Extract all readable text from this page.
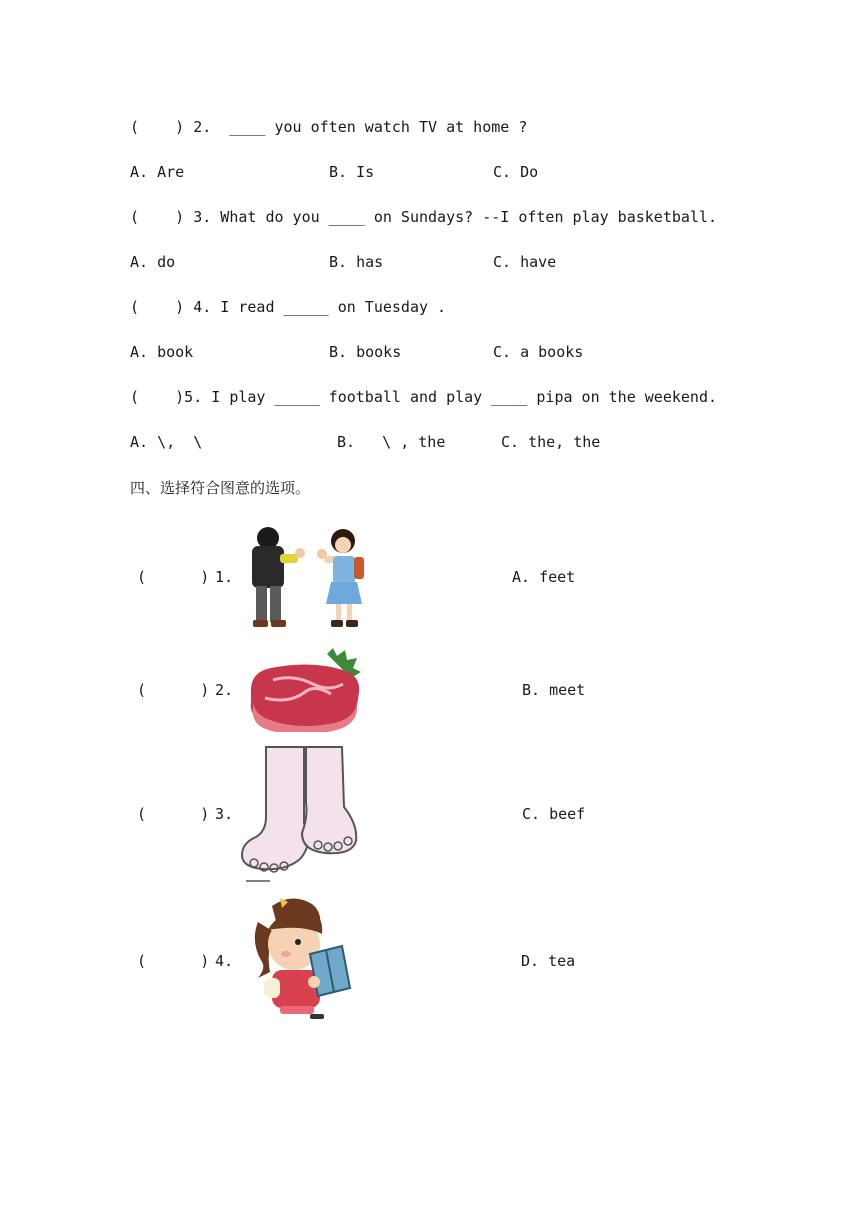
(    ) 2.  ____ you often watch TV at home ?
A. Are	B. Is	C. Do
(    ) 3. What do you ____ on Sundays? --I often play basketball.
A. do	B. has	C. have
(    ) 4. I read _____ on Tuesday .
A. book	B. books	C. a books
(    )5. I play _____ football and play ____ pipa on the weekend.
A. \,  \	B.   \ , the	C. the, the
四、选择符合图意的选项。
(      ) 1.	A. feet
(      ) 2.	B. meet
(      ) 3.	C. beef
(      ) 4.	D. tea
